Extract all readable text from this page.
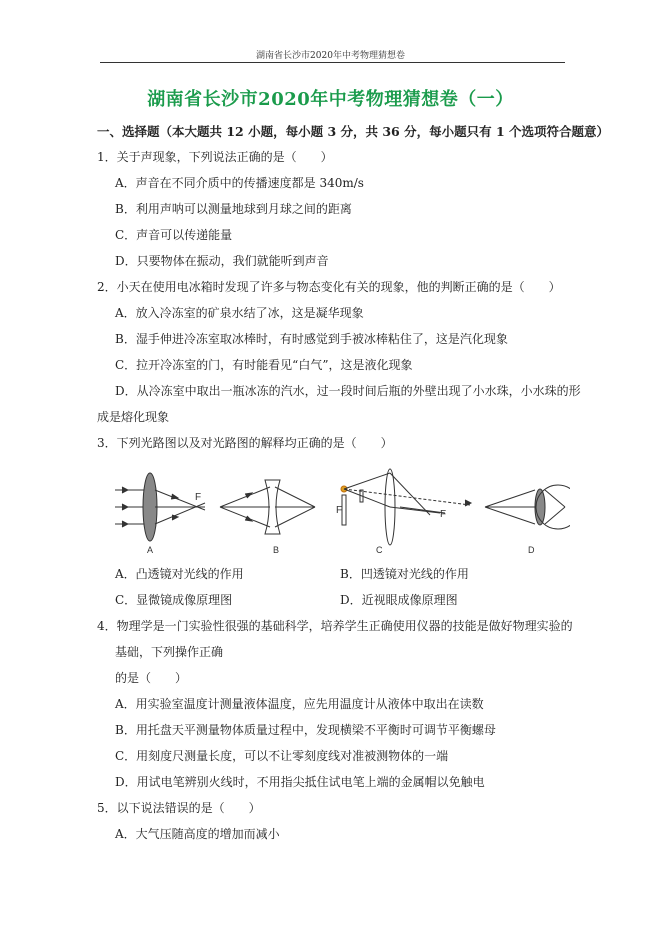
湖南省长沙市2020年中考物理猜想卷
湖南省长沙市2020年中考物理猜想卷（一）
一、选择题（本大题共 12 小题，每小题 3 分，共 36 分，每小题只有 1 个选项符合题意）
1．关于声现象，下列说法正确的是（　　）
A．声音在不同介质中的传播速度都是 340m/s
B．利用声呐可以测量地球到月球之间的距离
C．声音可以传递能量
D．只要物体在振动，我们就能听到声音
2．小天在使用电冰箱时发现了许多与物态变化有关的现象，他的判断正确的是（　　）
A．放入冷冻室的矿泉水结了冰，这是凝华现象
B．湿手伸进冷冻室取冰棒时，有时感觉到手被冰棒粘住了，这是汽化现象
C．拉开冷冻室的门，有时能看见“白气”，这是液化现象
D．从冷冻室中取出一瓶冰冻的汽水，过一段时间后瓶的外壁出现了小水珠，小水珠的形
成是熔化现象
3．下列光路图以及对光路图的解释均正确的是（　　）
F
A	B
F	F
C	D
A．凸透镜对光线的作用	B．凹透镜对光线的作用
C．显微镜成像原理图	D．近视眼成像原理图
4．物理学是一门实验性很强的基础科学，培养学生正确使用仪器的技能是做好物理实验的
基础，下列操作正确
的是（　　）
A．用实验室温度计测量液体温度，应先用温度计从液体中取出在读数
B．用托盘天平测量物体质量过程中，发现横梁不平衡时可调节平衡螺母
C．用刻度尺测量长度，可以不让零刻度线对准被测物体的一端
D．用试电笔辨别火线时，不用指尖抵住试电笔上端的金属帽以免触电
5．以下说法错误的是（　　）
A．大气压随高度的增加而减小
